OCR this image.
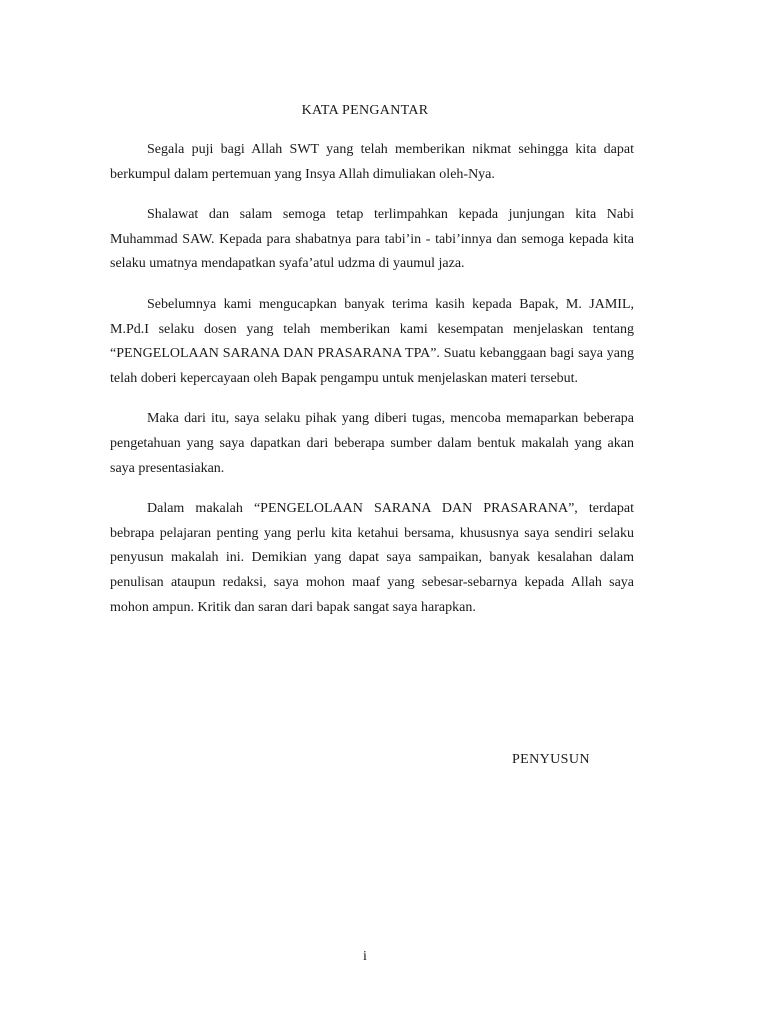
KATA PENGANTAR

Segala puji bagi Allah SWT yang telah memberikan nikmat sehingga kita dapat berkumpul dalam pertemuan yang Insya Allah dimuliakan oleh-Nya.

Shalawat dan salam semoga tetap terlimpahkan kepada junjungan kita Nabi Muhammad SAW. Kepada para shabatnya para tabi’in - tabi’innya dan semoga kepada kita selaku umatnya mendapatkan syafa’atul udzma di yaumul jaza.

Sebelumnya kami mengucapkan banyak terima kasih kepada Bapak, M. JAMIL, M.Pd.I selaku dosen yang telah memberikan kami kesempatan menjelaskan tentang “PENGELOLAAN SARANA DAN PRASARANA TPA”. Suatu kebanggaan bagi saya yang telah doberi kepercayaan oleh Bapak pengampu untuk menjelaskan materi tersebut.

Maka dari itu, saya selaku pihak yang diberi tugas, mencoba memaparkan beberapa pengetahuan yang saya dapatkan dari beberapa sumber dalam bentuk makalah yang akan saya presentasiakan.

Dalam makalah “PENGELOLAAN SARANA DAN PRASARANA”, terdapat bebrapa pelajaran penting yang perlu kita ketahui bersama, khususnya saya sendiri selaku penyusun makalah ini. Demikian yang dapat saya sampaikan, banyak kesalahan dalam penulisan ataupun redaksi, saya mohon maaf yang sebesar-sebarnya kepada Allah saya mohon ampun. Kritik dan saran dari bapak sangat saya harapkan.

PENYUSUN
i
